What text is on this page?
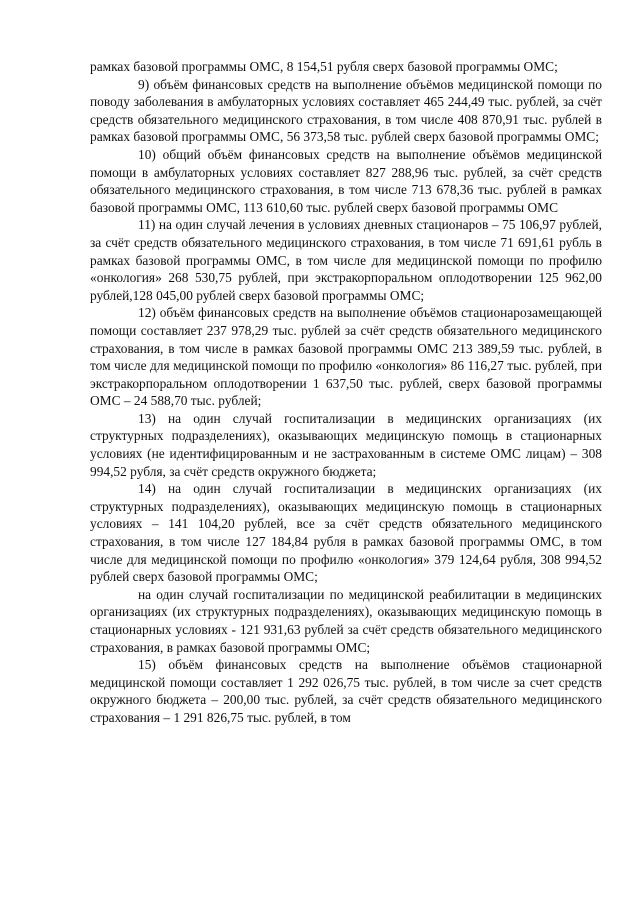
рамках базовой программы ОМС, 8 154,51 рубля сверх базовой программы ОМС;

9) объём финансовых средств на выполнение объёмов медицинской помощи по поводу заболевания в амбулаторных условиях составляет 465 244,49 тыс. рублей, за счёт средств обязательного медицинского страхования, в том числе 408 870,91 тыс. рублей в рамках базовой программы ОМС, 56 373,58 тыс. рублей сверх базовой программы ОМС;

10) общий объём финансовых средств на выполнение объёмов медицинской помощи в амбулаторных условиях составляет 827 288,96 тыс. рублей, за счёт средств обязательного медицинского страхования, в том числе 713 678,36 тыс. рублей в рамках базовой программы ОМС, 113 610,60 тыс. рублей сверх базовой программы ОМС

11) на один случай лечения в условиях дневных стационаров – 75 106,97 рублей, за счёт средств обязательного медицинского страхования, в том числе 71 691,61 рубль в рамках базовой программы ОМС, в том числе для медицинской помощи по профилю «онкология» 268 530,75 рублей, при экстракорпоральном оплодотворении 125 962,00 рублей,128 045,00 рублей сверх базовой программы ОМС;

12) объём финансовых средств на выполнение объёмов стационарозамещающей помощи составляет 237 978,29 тыс. рублей за счёт средств обязательного медицинского страхования, в том числе в рамках базовой программы ОМС 213 389,59 тыс. рублей, в том числе для медицинской помощи по профилю «онкология» 86 116,27 тыс. рублей, при экстракорпоральном оплодотворении 1 637,50 тыс. рублей, сверх базовой программы ОМС – 24 588,70 тыс. рублей;

13) на один случай госпитализации в медицинских организациях (их структурных подразделениях), оказывающих медицинскую помощь в стационарных условиях (не идентифицированным и не застрахованным в системе ОМС лицам) – 308 994,52 рубля, за счёт средств окружного бюджета;

14) на один случай госпитализации в медицинских организациях (их структурных подразделениях), оказывающих медицинскую помощь в стационарных условиях – 141 104,20 рублей, все за счёт средств обязательного медицинского страхования, в том числе 127 184,84 рубля в рамках базовой программы ОМС, в том числе для медицинской помощи по профилю «онкология» 379 124,64 рубля, 308 994,52 рублей сверх базовой программы ОМС;

на один случай госпитализации по медицинской реабилитации в медицинских организациях (их структурных подразделениях), оказывающих медицинскую помощь в стационарных условиях - 121 931,63 рублей за счёт средств обязательного медицинского страхования, в рамках базовой программы ОМС;

15) объём финансовых средств на выполнение объёмов стационарной медицинской помощи составляет 1 292 026,75 тыс. рублей, в том числе за счет средств окружного бюджета – 200,00 тыс. рублей, за счёт средств обязательного медицинского страхования – 1 291 826,75 тыс. рублей, в том
